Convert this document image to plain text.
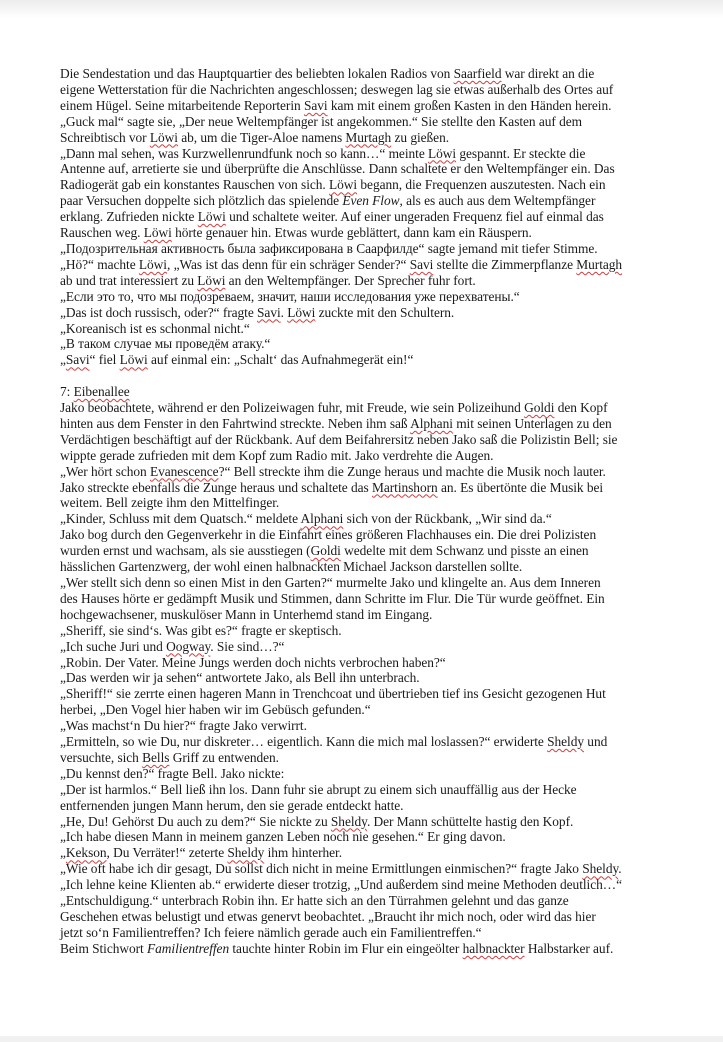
Die Sendestation und das Hauptquartier des beliebten lokalen Radios von Saarfield war direkt an die
eigene Wetterstation für die Nachrichten angeschlossen; deswegen lag sie etwas außerhalb des Ortes auf
einem Hügel. Seine mitarbeitende Reporterin Savi kam mit einem großen Kasten in den Händen herein.
„Guck mal“ sagte sie, „Der neue Weltempfänger ist angekommen.“ Sie stellte den Kasten auf dem
Schreibtisch vor Löwi ab, um die Tiger-Aloe namens Murtagh zu gießen.
„Dann mal sehen, was Kurzwellenrundfunk noch so kann…“ meinte Löwi gespannt. Er steckte die
Antenne auf, arretierte sie und überprüfte die Anschlüsse. Dann schaltete er den Weltempfänger ein. Das
Radiogerät gab ein konstantes Rauschen von sich. Löwi begann, die Frequenzen auszutesten. Nach ein
paar Versuchen doppelte sich plötzlich das spielende Even Flow, als es auch aus dem Weltempfänger
erklang. Zufrieden nickte Löwi und schaltete weiter. Auf einer ungeraden Frequenz fiel auf einmal das
Rauschen weg. Löwi hörte genauer hin. Etwas wurde geblättert, dann kam ein Räuspern.
„Подозрительная активность была зафиксирована в Саарфилде“ sagte jemand mit tiefer Stimme.
„Hö?“ machte Löwi, „Was ist das denn für ein schräger Sender?“ Savi stellte die Zimmerpflanze Murtagh
ab und trat interessiert zu Löwi an den Weltempfänger. Der Sprecher fuhr fort.
„Если это то, что мы подозреваем, значит, наши исследования уже перехватены.“
„Das ist doch russisch, oder?“ fragte Savi. Löwi zuckte mit den Schultern.
„Koreanisch ist es schonmal nicht.“
„В таком случае мы проведём атаку.“
„Savi“ fiel Löwi auf einmal ein: „Schalt‘ das Aufnahmegerät ein!“
7: Eibenallee
Jako beobachtete, während er den Polizeiwagen fuhr, mit Freude, wie sein Polizeihund Goldi den Kopf
hinten aus dem Fenster in den Fahrtwind streckte. Neben ihm saß Alphani mit seinen Unterlagen zu den
Verdächtigen beschäftigt auf der Rückbank. Auf dem Beifahrersitz neben Jako saß die Polizistin Bell; sie
wippte gerade zufrieden mit dem Kopf zum Radio mit. Jako verdrehte die Augen.
„Wer hört schon Evanescence?“ Bell streckte ihm die Zunge heraus und machte die Musik noch lauter.
Jako streckte ebenfalls die Zunge heraus und schaltete das Martinshorn an. Es übertönte die Musik bei
weitem. Bell zeigte ihm den Mittelfinger.
„Kinder, Schluss mit dem Quatsch.“ meldete Alphani sich von der Rückbank, „Wir sind da.“
Jako bog durch den Gegenverkehr in die Einfahrt eines größeren Flachhauses ein. Die drei Polizisten
wurden ernst und wachsam, als sie ausstiegen (Goldi wedelte mit dem Schwanz und pisste an einen
hässlichen Gartenzwerg, der wohl einen halbnackten Michael Jackson darstellen sollte.
„Wer stellt sich denn so einen Mist in den Garten?“ murmelte Jako und klingelte an. Aus dem Inneren
des Hauses hörte er gedämpft Musik und Stimmen, dann Schritte im Flur. Die Tür wurde geöffnet. Ein
hochgewachsener, muskulöser Mann in Unterhemd stand im Eingang.
„Sheriff, sie sind‘s. Was gibt es?“ fragte er skeptisch.
„Ich suche Juri und Oogway. Sie sind…?“
„Robin. Der Vater. Meine Jungs werden doch nichts verbrochen haben?“
„Das werden wir ja sehen“ antwortete Jako, als Bell ihn unterbrach.
„Sheriff!“ sie zerrte einen hageren Mann in Trenchcoat und übertrieben tief ins Gesicht gezogenen Hut
herbei, „Den Vogel hier haben wir im Gebüsch gefunden.“
„Was machst‘n Du hier?“ fragte Jako verwirrt.
„Ermitteln, so wie Du, nur diskreter… eigentlich. Kann die mich mal loslassen?“ erwiderte Sheldy und
versuchte, sich Bells Griff zu entwenden.
„Du kennst den?“ fragte Bell. Jako nickte:
„Der ist harmlos.“ Bell ließ ihn los. Dann fuhr sie abrupt zu einem sich unauffällig aus der Hecke
entfernenden jungen Mann herum, den sie gerade entdeckt hatte.
„He, Du! Gehörst Du auch zu dem?“ Sie nickte zu Sheldy. Der Mann schüttelte hastig den Kopf.
„Ich habe diesen Mann in meinem ganzen Leben noch nie gesehen.“ Er ging davon.
„Kekson, Du Verräter!“ zeterte Sheldy ihm hinterher.
„Wie oft habe ich dir gesagt, Du sollst dich nicht in meine Ermittlungen einmischen?“ fragte Jako Sheldy.
„Ich lehne keine Klienten ab.“ erwiderte dieser trotzig, „Und außerdem sind meine Methoden deutlich…“
„Entschuldigung.“ unterbrach Robin ihn. Er hatte sich an den Türrahmen gelehnt und das ganze
Geschehen etwas belustigt und etwas genervt beobachtet. „Braucht ihr mich noch, oder wird das hier
jetzt so‘n Familientreffen? Ich feiere nämlich gerade auch ein Familientreffen.“
Beim Stichwort Familientreffen tauchte hinter Robin im Flur ein eingeölter halbnackter Halbstarker auf.
